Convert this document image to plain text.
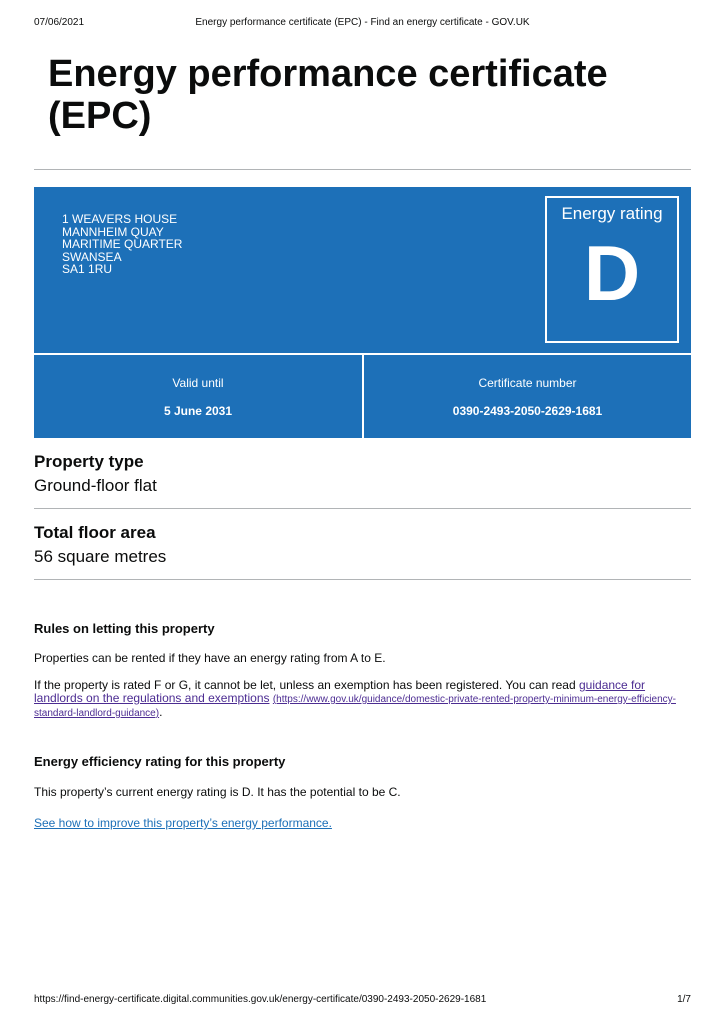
07/06/2021	Energy performance certificate (EPC) - Find an energy certificate - GOV.UK
Energy performance certificate (EPC)
1 WEAVERS HOUSE
MANNHEIM QUAY
MARITIME QUARTER
SWANSEA
SA1 1RU
Energy rating
D
Valid until
5 June 2031
Certificate number
0390-2493-2050-2629-1681
Property type

Ground-floor flat

Total floor area

56 square metres

Rules on letting this property

Properties can be rented if they have an energy rating from A to E.

If the property is rated F or G, it cannot be let, unless an exemption has been registered. You can read guidance for landlords on the regulations and exemptions (https://www.gov.uk/guidance/domestic-private-rented-property-minimum-energy-efficiency-standard-landlord-guidance).

Energy efficiency rating for this property

This property’s current energy rating is D. It has the potential to be C.

See how to improve this property’s energy performance.

https://find-energy-certificate.digital.communities.gov.uk/energy-certificate/0390-2493-2050-2629-1681	1/7
